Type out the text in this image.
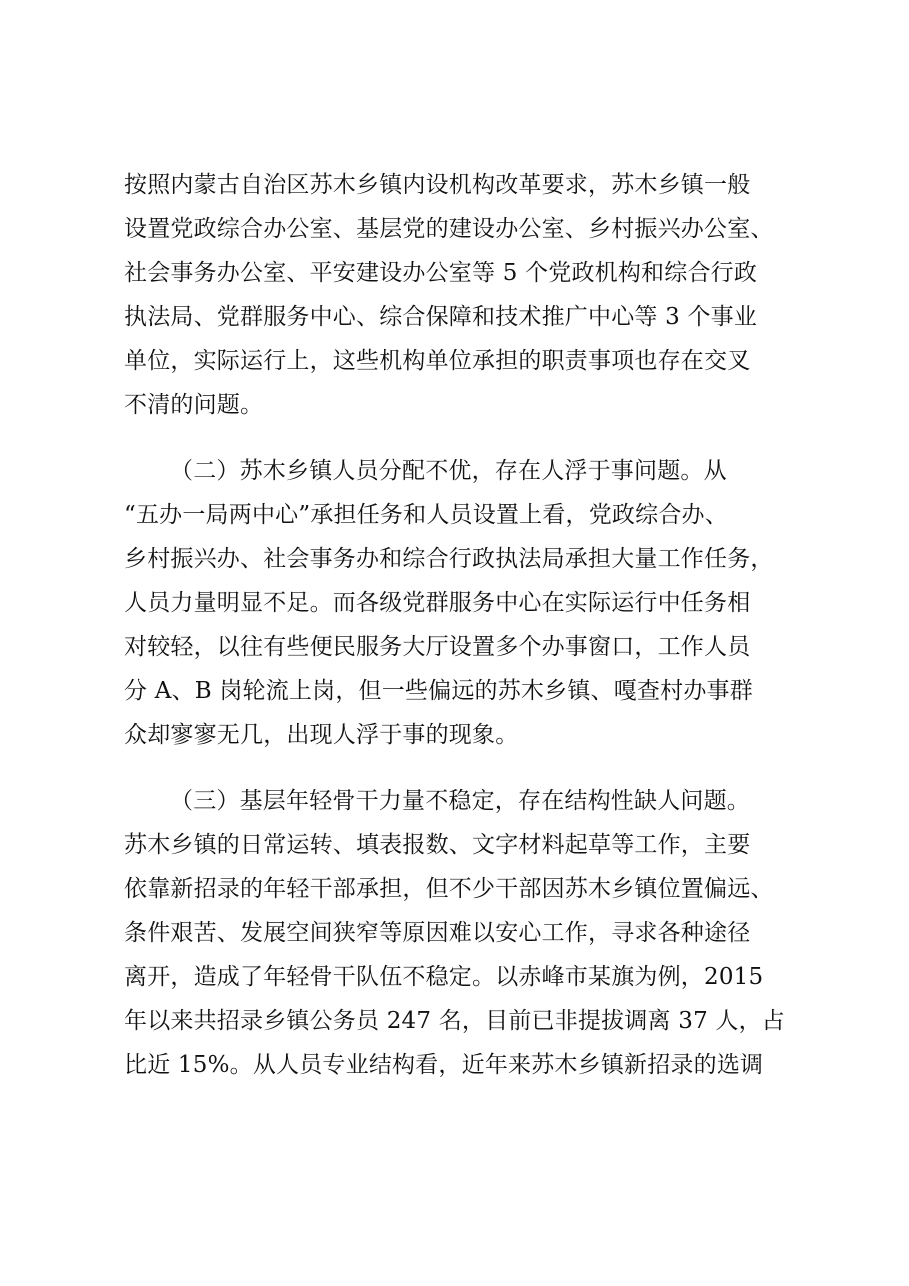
按照内蒙古自治区苏木乡镇内设机构改革要求，苏木乡镇一般
设置党政综合办公室、基层党的建设办公室、乡村振兴办公室、
社会事务办公室、平安建设办公室等 5 个党政机构和综合行政
执法局、党群服务中心、综合保障和技术推广中心等 3 个事业
单位，实际运行上，这些机构单位承担的职责事项也存在交叉
不清的问题。
（二）苏木乡镇人员分配不优，存在人浮于事问题。从
“五办一局两中心”承担任务和人员设置上看，党政综合办、
乡村振兴办、社会事务办和综合行政执法局承担大量工作任务，
人员力量明显不足。而各级党群服务中心在实际运行中任务相
对较轻，以往有些便民服务大厅设置多个办事窗口，工作人员
分 A、B 岗轮流上岗，但一些偏远的苏木乡镇、嘎查村办事群
众却寥寥无几，出现人浮于事的现象。
（三）基层年轻骨干力量不稳定，存在结构性缺人问题。
苏木乡镇的日常运转、填表报数、文字材料起草等工作，主要
依靠新招录的年轻干部承担，但不少干部因苏木乡镇位置偏远、
条件艰苦、发展空间狭窄等原因难以安心工作，寻求各种途径
离开，造成了年轻骨干队伍不稳定。以赤峰市某旗为例，2015
年以来共招录乡镇公务员 247 名，目前已非提拔调离 37 人，占
比近 15%。从人员专业结构看，近年来苏木乡镇新招录的选调
